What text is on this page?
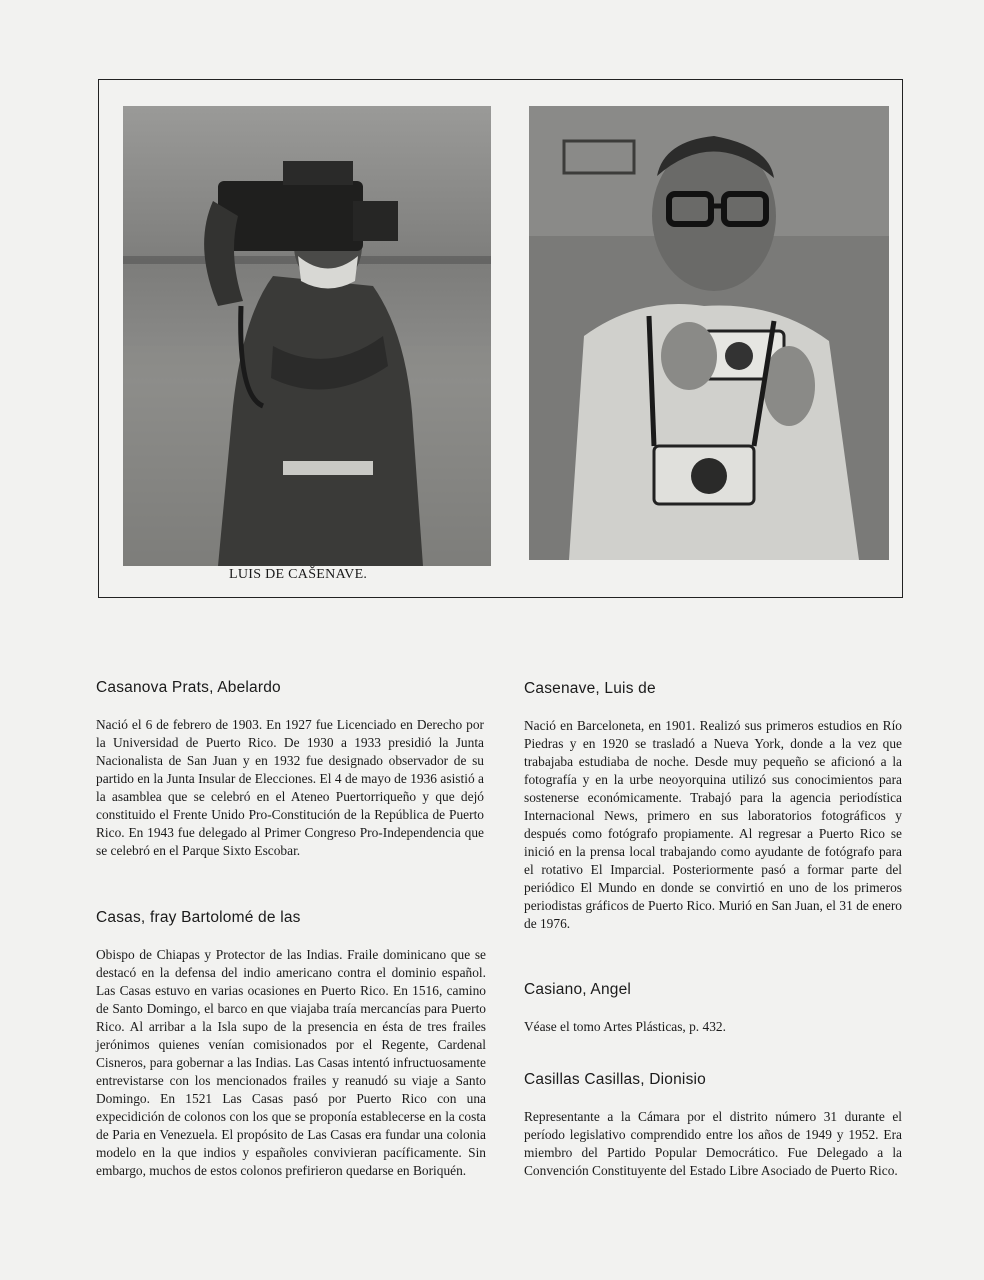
LUIS DE CAŠENAVE.
Casanova Prats, Abelardo

Nació el 6 de febrero de 1903. En 1927 fue Licenciado en Derecho por la Universidad de Puerto Rico. De 1930 a 1933 presidió la Junta Nacionalista de San Juan y en 1932 fue designado observador de su partido en la Junta Insular de Elecciones. El 4 de mayo de 1936 asistió a la asamblea que se celebró en el Ateneo Puertorriqueño y que dejó constituido el Frente Unido Pro-Constitución de la República de Puerto Rico. En 1943 fue delegado al Primer Congreso Pro-Independencia que se celebró en el Parque Sixto Escobar.

Casas, fray Bartolomé de las

Obispo de Chiapas y Protector de las Indias. Fraile dominicano que se destacó en la defensa del indio americano contra el dominio español. Las Casas estuvo en varias ocasiones en Puerto Rico. En 1516, camino de Santo Domingo, el barco en que viajaba traía mercancías para Puerto Rico. Al arribar a la Isla supo de la presencia en ésta de tres frailes jerónimos quienes venían comisionados por el Regente, Cardenal Cisneros, para gobernar a las Indias. Las Casas intentó infructuosamente entrevistarse con los mencionados frailes y reanudó su viaje a Santo Domingo. En 1521 Las Casas pasó por Puerto Rico con una expecidición de colonos con los que se proponía establecerse en la costa de Paria en Venezuela. El propósito de Las Casas era fundar una colonia modelo en la que indios y españoles convivieran pacíficamente. Sin embargo, muchos de estos colonos prefirieron quedarse en Boriquén.

Casenave, Luis de

Nació en Barceloneta, en 1901. Realizó sus primeros estudios en Río Piedras y en 1920 se trasladó a Nueva York, donde a la vez que trabajaba estudiaba de noche. Desde muy pequeño se aficionó a la fotografía y en la urbe neoyorquina utilizó sus conocimientos para sostenerse económicamente. Trabajó para la agencia periodística Internacional News, primero en sus laboratorios fotográficos y después como fotógrafo propiamente. Al regresar a Puerto Rico se inició en la prensa local trabajando como ayudante de fotógrafo para el rotativo El Imparcial. Posteriormente pasó a formar parte del periódico El Mundo en donde se convirtió en uno de los primeros periodistas gráficos de Puerto Rico. Murió en San Juan, el 31 de enero de 1976.

Casiano, Angel

Véase el tomo Artes Plásticas, p. 432.

Casillas Casillas, Dionisio

Representante a la Cámara por el distrito número 31 durante el período legislativo comprendido entre los años de 1949 y 1952. Era miembro del Partido Popular Democrático. Fue Delegado a la Convención Constituyente del Estado Libre Asociado de Puerto Rico.
